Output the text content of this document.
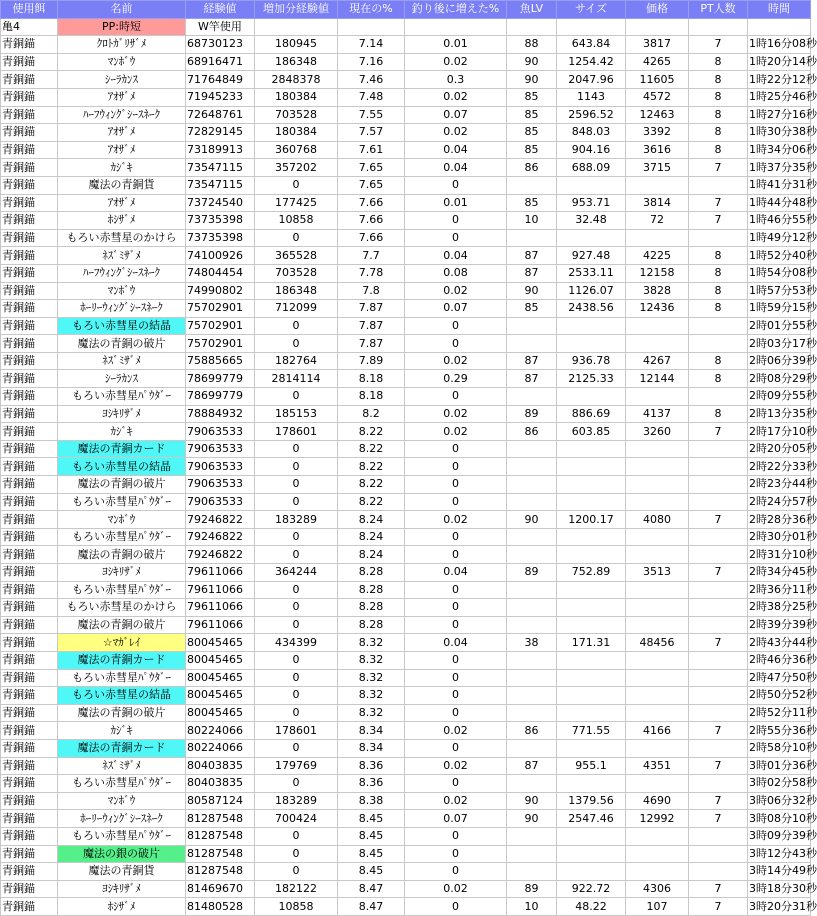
使用餌	名前	経験値	増加分経験値	現在の%	釣り後に増えた%	魚LV	サイズ	価格	PT人数	時間
亀4	PP:時短	W竿使用								
青銅錨	ｸﾛﾄｶﾞﾘｻﾞﾒ	68730123	180945	7.14	0.01	88	643.84	3817	7	1時16分08秒
青銅錨	ﾏﾝﾎﾞｳ	68916471	186348	7.16	0.02	90	1254.42	4265	8	1時20分14秒
青銅錨	ｼｰﾗｶﾝｽ	71764849	2848378	7.46	0.3	90	2047.96	11605	8	1時22分12秒
青銅錨	ｱｵｻﾞﾒ	71945233	180384	7.48	0.02	85	1143	4572	8	1時25分46秒
青銅錨	ﾊｰﾌｳｨﾝｸﾞｼｰｽﾈｰｸ	72648761	703528	7.55	0.07	85	2596.52	12463	8	1時27分16秒
青銅錨	ｱｵｻﾞﾒ	72829145	180384	7.57	0.02	85	848.03	3392	8	1時30分38秒
青銅錨	ｱｵｻﾞﾒ	73189913	360768	7.61	0.04	85	904.16	3616	8	1時34分06秒
青銅錨	ｶｼﾞｷ	73547115	357202	7.65	0.04	86	688.09	3715	7	1時37分35秒
青銅錨	魔法の青銅貨	73547115	0	7.65	0					1時41分31秒
青銅錨	ｱｵｻﾞﾒ	73724540	177425	7.66	0.01	85	953.71	3814	7	1時44分48秒
青銅錨	ﾎｼｻﾞﾒ	73735398	10858	7.66	0	10	32.48	72	7	1時46分55秒
青銅錨	もろい赤彗星のかけら	73735398	0	7.66	0					1時49分12秒
青銅錨	ﾈｽﾞﾐｻﾞﾒ	74100926	365528	7.7	0.04	87	927.48	4225	8	1時52分40秒
青銅錨	ﾊｰﾌｳｨﾝｸﾞｼｰｽﾈｰｸ	74804454	703528	7.78	0.08	87	2533.11	12158	8	1時54分08秒
青銅錨	ﾏﾝﾎﾞｳ	74990802	186348	7.8	0.02	90	1126.07	3828	8	1時57分53秒
青銅錨	ﾎｰﾘｰｳｨﾝｸﾞｼｰｽﾈｰｸ	75702901	712099	7.87	0.07	85	2438.56	12436	8	1時59分15秒
青銅錨	もろい赤彗星の結晶	75702901	0	7.87	0					2時01分55秒
青銅錨	魔法の青銅の破片	75702901	0	7.87	0					2時03分17秒
青銅錨	ﾈｽﾞﾐｻﾞﾒ	75885665	182764	7.89	0.02	87	936.78	4267	8	2時06分39秒
青銅錨	ｼｰﾗｶﾝｽ	78699779	2814114	8.18	0.29	87	2125.33	12144	8	2時08分29秒
青銅錨	もろい赤彗星ﾊﾟｳﾀﾞｰ	78699779	0	8.18	0					2時09分55秒
青銅錨	ﾖｼｷﾘｻﾞﾒ	78884932	185153	8.2	0.02	89	886.69	4137	8	2時13分35秒
青銅錨	ｶｼﾞｷ	79063533	178601	8.22	0.02	86	603.85	3260	7	2時17分10秒
青銅錨	魔法の青銅カード	79063533	0	8.22	0					2時20分05秒
青銅錨	もろい赤彗星の結晶	79063533	0	8.22	0					2時22分33秒
青銅錨	魔法の青銅の破片	79063533	0	8.22	0					2時23分44秒
青銅錨	もろい赤彗星ﾊﾟｳﾀﾞｰ	79063533	0	8.22	0					2時24分57秒
青銅錨	ﾏﾝﾎﾞｳ	79246822	183289	8.24	0.02	90	1200.17	4080	7	2時28分36秒
青銅錨	もろい赤彗星ﾊﾟｳﾀﾞｰ	79246822	0	8.24	0					2時30分01秒
青銅錨	魔法の青銅の破片	79246822	0	8.24	0					2時31分10秒
青銅錨	ﾖｼｷﾘｻﾞﾒ	79611066	364244	8.28	0.04	89	752.89	3513	7	2時34分45秒
青銅錨	もろい赤彗星ﾊﾟｳﾀﾞｰ	79611066	0	8.28	0					2時36分11秒
青銅錨	もろい赤彗星のかけら	79611066	0	8.28	0					2時38分25秒
青銅錨	魔法の青銅の破片	79611066	0	8.28	0					2時39分39秒
青銅錨	☆ﾏｶﾞﾚｲ	80045465	434399	8.32	0.04	38	171.31	48456	7	2時43分44秒
青銅錨	魔法の青銅カード	80045465	0	8.32	0					2時46分36秒
青銅錨	もろい赤彗星ﾊﾟｳﾀﾞｰ	80045465	0	8.32	0					2時47分50秒
青銅錨	もろい赤彗星の結晶	80045465	0	8.32	0					2時50分52秒
青銅錨	魔法の青銅の破片	80045465	0	8.32	0					2時52分11秒
青銅錨	ｶｼﾞｷ	80224066	178601	8.34	0.02	86	771.55	4166	7	2時55分36秒
青銅錨	魔法の青銅カード	80224066	0	8.34	0					2時58分10秒
青銅錨	ﾈｽﾞﾐｻﾞﾒ	80403835	179769	8.36	0.02	87	955.1	4351	7	3時01分36秒
青銅錨	もろい赤彗星ﾊﾟｳﾀﾞｰ	80403835	0	8.36	0					3時02分58秒
青銅錨	ﾏﾝﾎﾞｳ	80587124	183289	8.38	0.02	90	1379.56	4690	7	3時06分32秒
青銅錨	ﾎｰﾘｰｳｨﾝｸﾞｼｰｽﾈｰｸ	81287548	700424	8.45	0.07	90	2547.46	12992	7	3時08分10秒
青銅錨	もろい赤彗星ﾊﾟｳﾀﾞｰ	81287548	0	8.45	0					3時09分39秒
青銅錨	魔法の銀の破片	81287548	0	8.45	0					3時12分43秒
青銅錨	魔法の青銅貨	81287548	0	8.45	0					3時14分49秒
青銅錨	ﾖｼｷﾘｻﾞﾒ	81469670	182122	8.47	0.02	89	922.72	4306	7	3時18分30秒
青銅錨	ﾎｼｻﾞﾒ	81480528	10858	8.47	0	10	48.22	107	7	3時20分31秒
